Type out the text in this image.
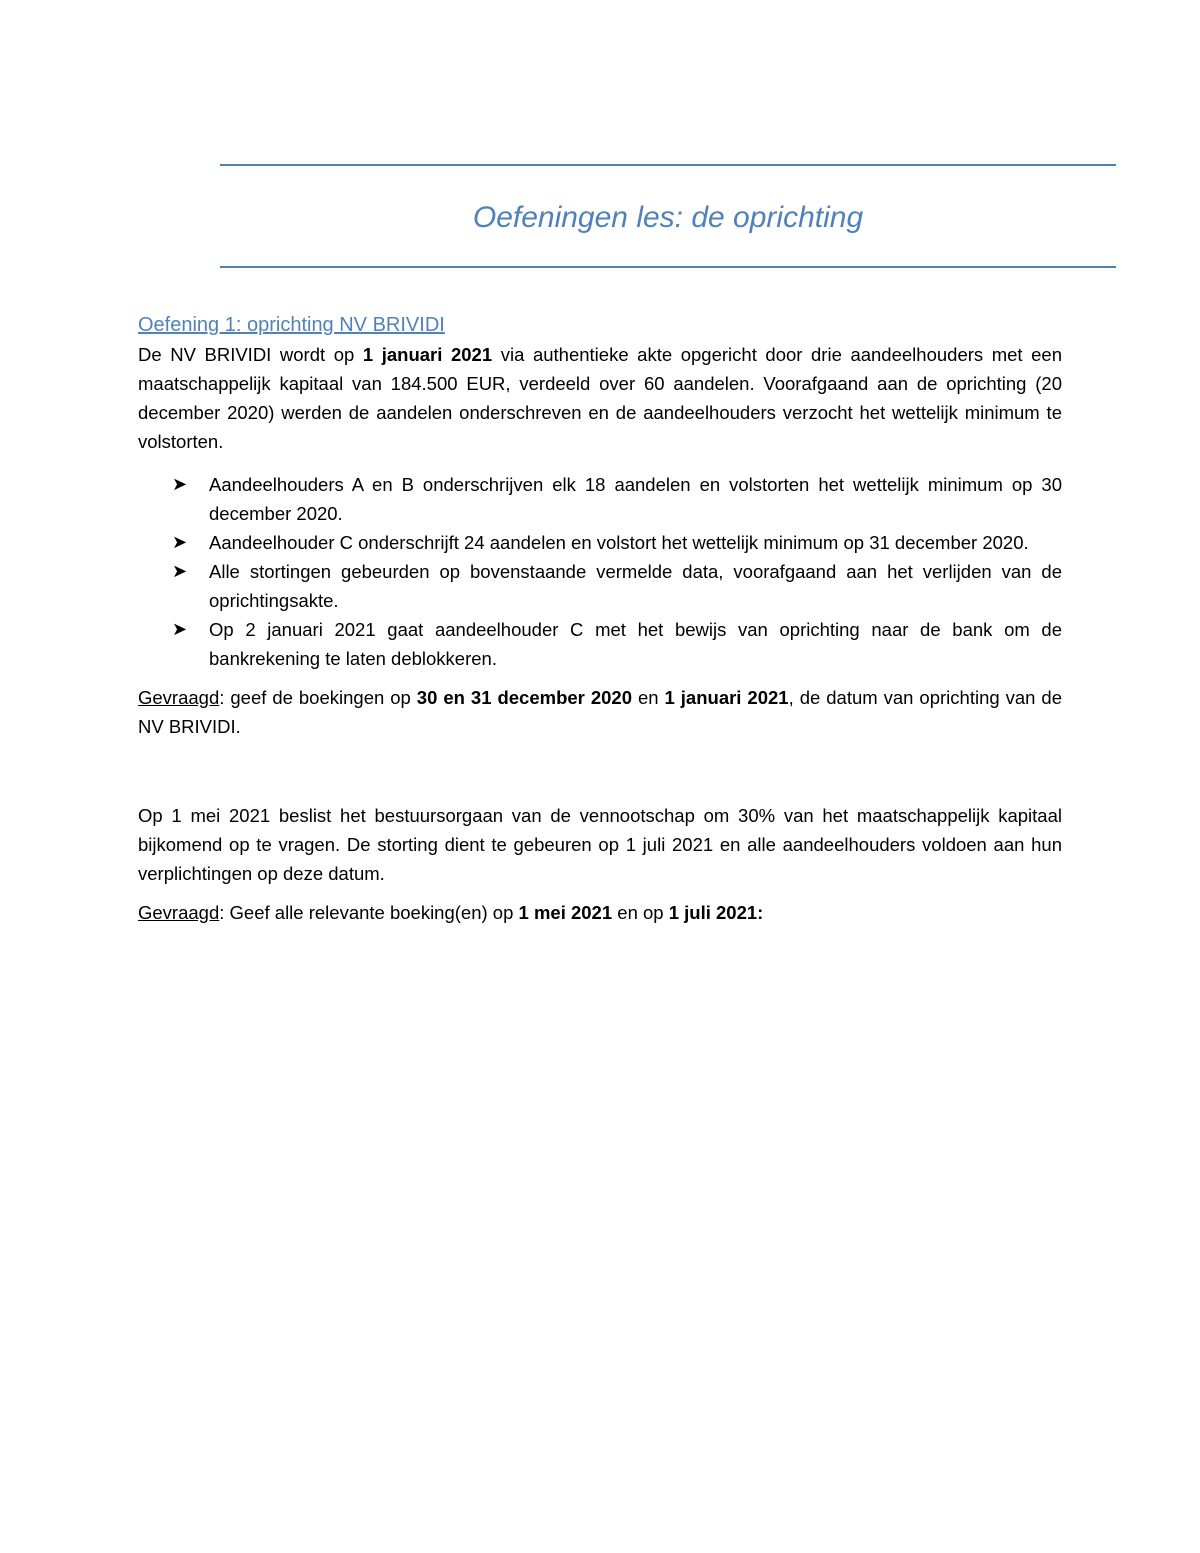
Oefeningen les: de oprichting
Oefening 1: oprichting NV BRIVIDI

De NV BRIVIDI wordt op 1 januari 2021 via authentieke akte opgericht door drie aandeelhouders met een maatschappelijk kapitaal van 184.500 EUR, verdeeld over 60 aandelen. Voorafgaand aan de oprichting (20 december 2020) werden de aandelen onderschreven en de aandeelhouders verzocht het wettelijk minimum te volstorten.

➤ Aandeelhouders A en B onderschrijven elk 18 aandelen en volstorten het wettelijk minimum op 30 december 2020.
➤ Aandeelhouder C onderschrijft 24 aandelen en volstort het wettelijk minimum op 31 december 2020.
➤ Alle stortingen gebeurden op bovenstaande vermelde data, voorafgaand aan het verlijden van de oprichtingsakte.
➤ Op 2 januari 2021 gaat aandeelhouder C met het bewijs van oprichting naar de bank om de bankrekening te laten deblokkeren.

Gevraagd: geef de boekingen op 30 en 31 december 2020 en 1 januari 2021, de datum van oprichting van de NV BRIVIDI.

Op 1 mei 2021 beslist het bestuursorgaan van de vennootschap om 30% van het maatschappelijk kapitaal bijkomend op te vragen. De storting dient te gebeuren op 1 juli 2021 en alle aandeelhouders voldoen aan hun verplichtingen op deze datum.

Gevraagd: Geef alle relevante boeking(en) op 1 mei 2021 en op 1 juli 2021:
